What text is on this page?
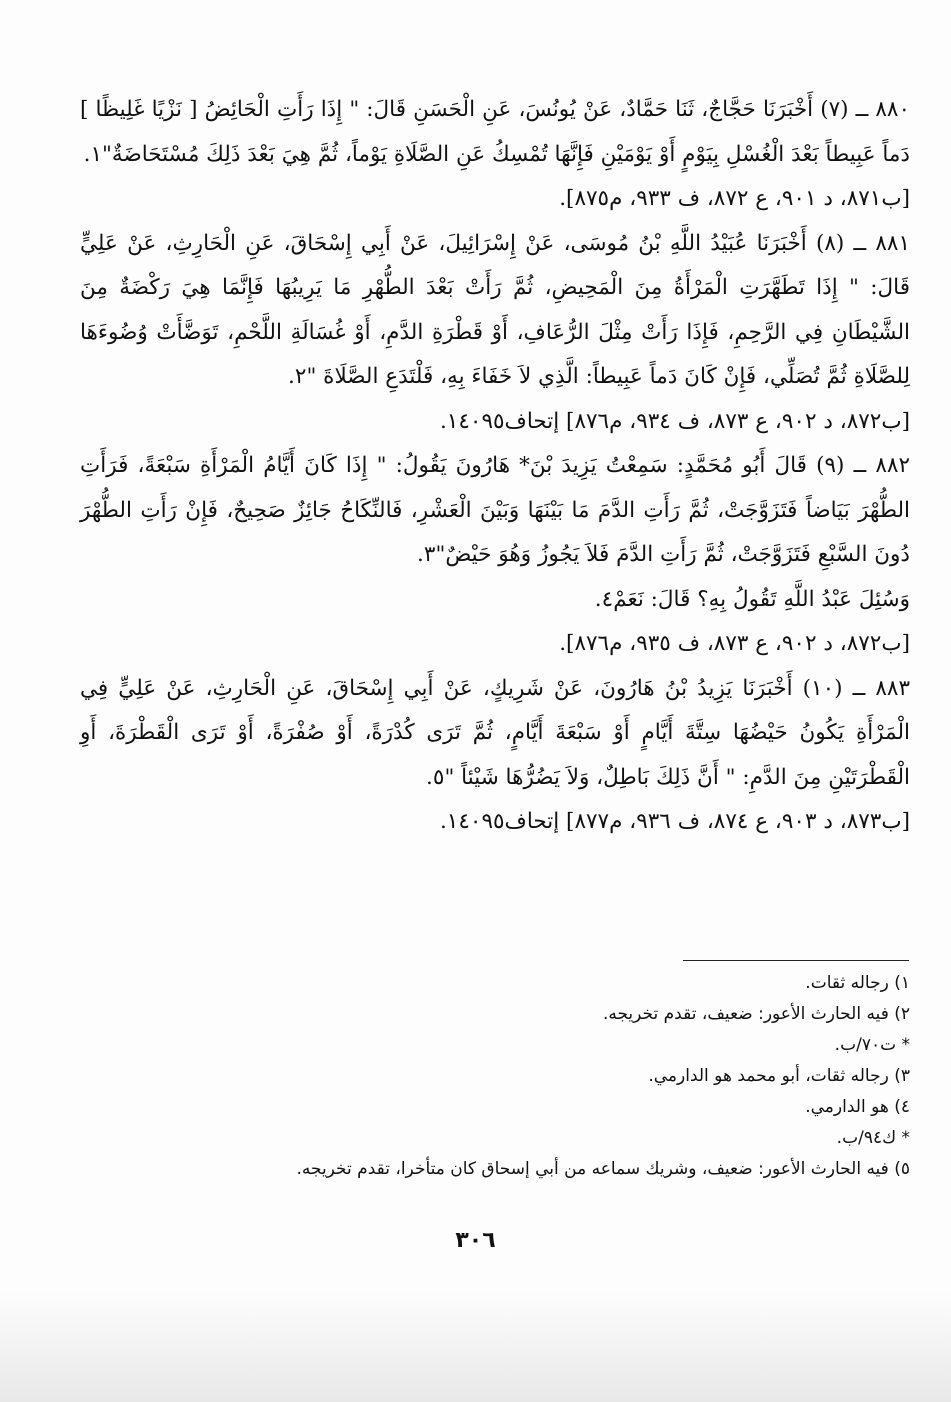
٨٨٠ ــ (٧) أَخْبَرَنَا حَجَّاجٌ، ثَنَا حَمَّادٌ، عَنْ يُونُسَ، عَنِ الْحَسَنِ قَالَ: " إِذَا رَأَتِ الْحَائِضُ [ نَزْيًا غَلِيظًا ] دَماً عَبِيطاً بَعْدَ الْغُسْلِ بِيَوْمٍ أَوْ يَوْمَيْنِ فَإِنَّهَا تُمْسِكُ عَنِ الصَّلَاةِ يَوْماً، ثُمَّ هِيَ بَعْدَ ذَلِكَ مُسْتَحَاضَةٌ"١.

[ب٨٧١، د ٩٠١، ع ٨٧٢، ف ٩٣٣، م٨٧٥].

٨٨١ ــ (٨) أَخْبَرَنَا عُبَيْدُ اللَّهِ بْنُ مُوسَى، عَنْ إِسْرَائِيلَ، عَنْ أَبِي إِسْحَاقَ، عَنِ الْحَارِثِ، عَنْ عَلِيٍّ قَالَ: " إِذَا تَطَهَّرَتِ الْمَرْأَةُ مِنَ الْمَحِيضِ، ثُمَّ رَأَتْ بَعْدَ الطُّهْرِ مَا يَرِيبُهَا فَإِنَّمَا هِيَ رَكْضَةٌ مِنَ الشَّيْطَانِ فِي الرَّحِمِ، فَإِذَا رَأَتْ مِثْلَ الرُّعَافِ، أَوْ قَطْرَةِ الدَّمِ، أَوْ غُسَالَةِ اللَّحْمِ، تَوَضَّأَتْ وُضُوءَهَا لِلصَّلَاةِ ثُمَّ تُصَلِّي، فَإِنْ كَانَ دَماً عَبِيطاً: الَّذِي لاَ خَفَاءَ بِهِ، فَلْتَدَعِ الصَّلَاةَ "٢.

[ب٨٧٢، د ٩٠٢، ع ٨٧٣، ف ٩٣٤، م٨٧٦] إتحاف١٤٠٩٥.

٨٨٢ ــ (٩) قَالَ أَبُو مُحَمَّدٍ: سَمِعْتُ يَزِيدَ بْنَ* هَارُونَ يَقُولُ: " إِذَا كَانَ أَيَّامُ الْمَرْأَةِ سَبْعَةً، فَرَأَتِ الطُّهْرَ بَيَاضاً فَتَزَوَّجَتْ، ثُمَّ رَأَتِ الدَّمَ مَا بَيْنَهَا وَبَيْنَ الْعَشْرِ، فَالنِّكَاحُ جَائِزٌ صَحِيحٌ، فَإِنْ رَأَتِ الطُّهْرَ دُونَ السَّبْعِ فَتَزَوَّجَتْ، ثُمَّ رَأَتِ الدَّمَ فَلاَ يَجُوزُ وَهُوَ حَيْضٌ"٣.

وَسُئِلَ عَبْدُ اللَّهِ تَقُولُ بِهِ؟ قَالَ: نَعَمْ٤.

[ب٨٧٢، د ٩٠٢، ع ٨٧٣، ف ٩٣٥، م٨٧٦].

٨٨٣ ــ (١٠) أَخْبَرَنَا يَزِيدُ بْنُ هَارُونَ، عَنْ شَرِيكٍ، عَنْ أَبِي إِسْحَاقَ، عَنِ الْحَارِثِ، عَنْ عَلِيٍّ فِي الْمَرْأَةِ يَكُونُ حَيْضُهَا سِتَّةَ أَيَّامٍ أَوْ سَبْعَةَ أَيَّامٍ، ثُمَّ تَرَى كُدْرَةً، أَوْ صُفْرَةً، أَوْ تَرَى الْقَطْرَةَ، أَوِ الْقَطْرَتَيْنِ مِنَ الدَّمِ: " أَنَّ ذَلِكَ بَاطِلٌ، وَلاَ يَضُرُّهَا شَيْئاً "٥.

[ب٨٧٣، د ٩٠٣، ع ٨٧٤، ف ٩٣٦، م٨٧٧] إتحاف١٤٠٩٥.

١) رجاله ثقات.
٢) فيه الحارث الأعور: ضعيف، تقدم تخريجه.
* ت٧٠/ب.
٣) رجاله ثقات، أبو محمد هو الدارمي.
٤) هو الدارمي.
* ك٩٤/ب.
٥) فيه الحارث الأعور: ضعيف، وشريك سماعه من أبي إسحاق كان متأخرا، تقدم تخريجه.
٣٠٦
